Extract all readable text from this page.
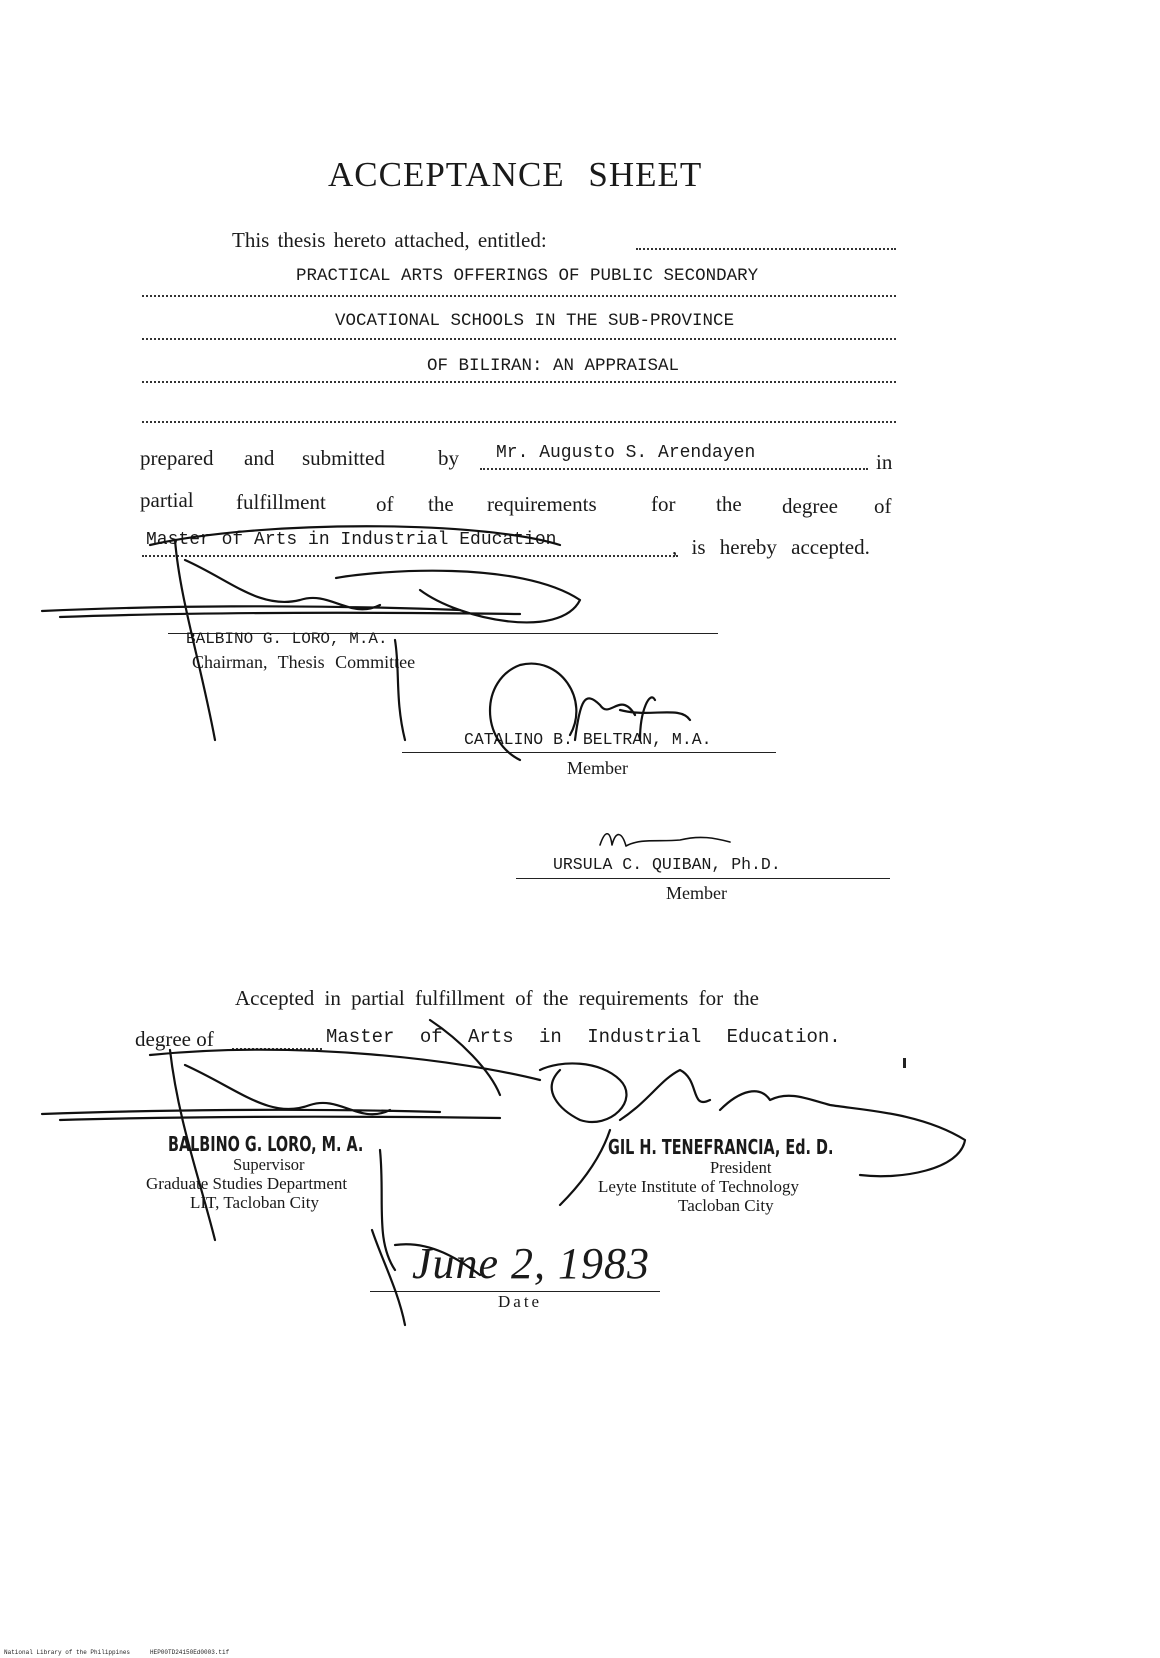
ACCEPTANCE SHEET
This thesis hereto attached, entitled:
PRACTICAL ARTS OFFERINGS OF PUBLIC SECONDARY
VOCATIONAL SCHOOLS IN THE SUB-PROVINCE
OF BILIRAN: AN APPRAISAL
prepared and submitted	by Mr. Augusto S. Arendayen	in
partial fulfillment of the requirements	for the degree of
Master of Arts in Industrial Education	, is hereby accepted.
BALBINO G. LORO, M.A.
Chairman, Thesis Committee
CATALINO B. BELTRAN, M.A.
Member
URSULA C. QUIBAN, Ph.D.
Member
Accepted in partial fulfillment of the requirements for the
degree of	Master of Arts in Industrial Education.
BALBINO G. LORO, M. A.
Supervisor
Graduate Studies Department
LIT, Tacloban City
GIL H. TENEFRANCIA, Ed. D.
President
Leyte Institute of Technology
Tacloban City
June 2, 1983
Date
National Library of the Philippines	HEP00TD24150Ed0003.tif
